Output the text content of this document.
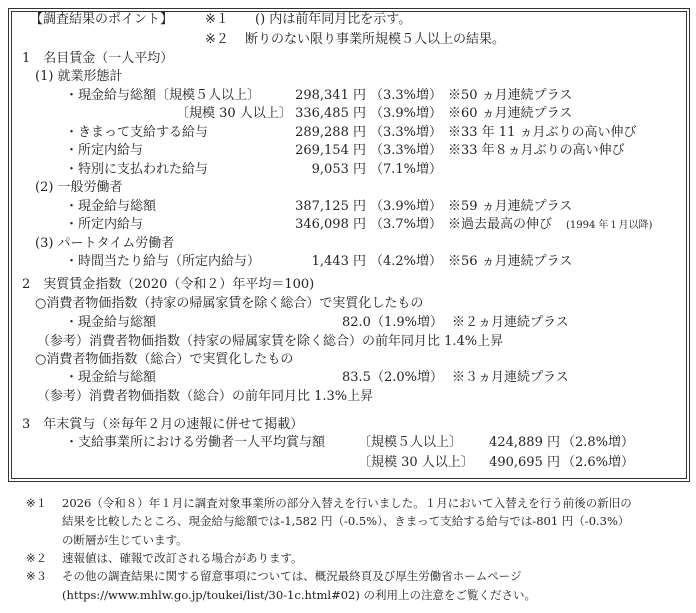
【調査結果のポイント】 ※１ () 内は前年同月比を示す。
※２ 断りのない限り事業所規模５人以上の結果。
1　名目賃金（一人平均）
(1) 就業形態計
・現金給与総額〔規模５人以上〕	298,341 円 （3.3%増） ※50 ヵ月連続プラス
〔規模 30 人以上〕 336,485 円 （3.9%増） ※60 ヵ月連続プラス
・きまって支給する給与	289,288 円 （3.3%増） ※33 年 11 ヵ月ぶりの高い伸び
・所定内給与	269,154 円 （3.3%増） ※33 年８ヵ月ぶりの高い伸び
・特別に支払われた給与	9,053 円 （7.1%増）
(2) 一般労働者
・現金給与総額	387,125 円 （3.9%増） ※59 ヵ月連続プラス
・所定内給与	346,098 円 （3.7%増） ※過去最高の伸び (1994 年１月以降)
(3) パートタイム労働者
・時間当たり給与（所定内給与）	1,443 円 （4.2%増） ※56 ヵ月連続プラス
2　実質賃金指数（2020（令和２）年平均＝100)
○消費者物価指数（持家の帰属家賃を除く総合）で実質化したもの
・現金給与総額	82.0（1.9%増） ※２ヵ月連続プラス
（参考）消費者物価指数（持家の帰属家賃を除く総合）の前年同月比 1.4%上昇
○消費者物価指数（総合）で実質化したもの
・現金給与総額	83.5（2.0%増） ※３ヵ月連続プラス
（参考）消費者物価指数（総合）の前年同月比 1.3%上昇
3　年末賞与（※毎年２月の速報に併せて掲載）
・支給事業所における労働者一人平均賞与額	〔規模５人以上〕	424,889 円 （2.8%増）
〔規模 30 人以上〕	490,695 円 （2.6%増）
※１ 2026（令和８）年１月に調査対象事業所の部分入替えを行いました。１月において入替えを行う前後の新旧の
結果を比較したところ、現金給与総額では-1,582 円（-0.5%）、きまって支給する給与では-801 円（-0.3%）
の断層が生じています。
※２ 速報値は、確報で改訂される場合があります。
※３ その他の調査結果に関する留意事項については、概況最終頁及び厚生労働省ホームページ
(https://www.mhlw.go.jp/toukei/list/30-1c.html#02) の利用上の注意をご覧ください。
